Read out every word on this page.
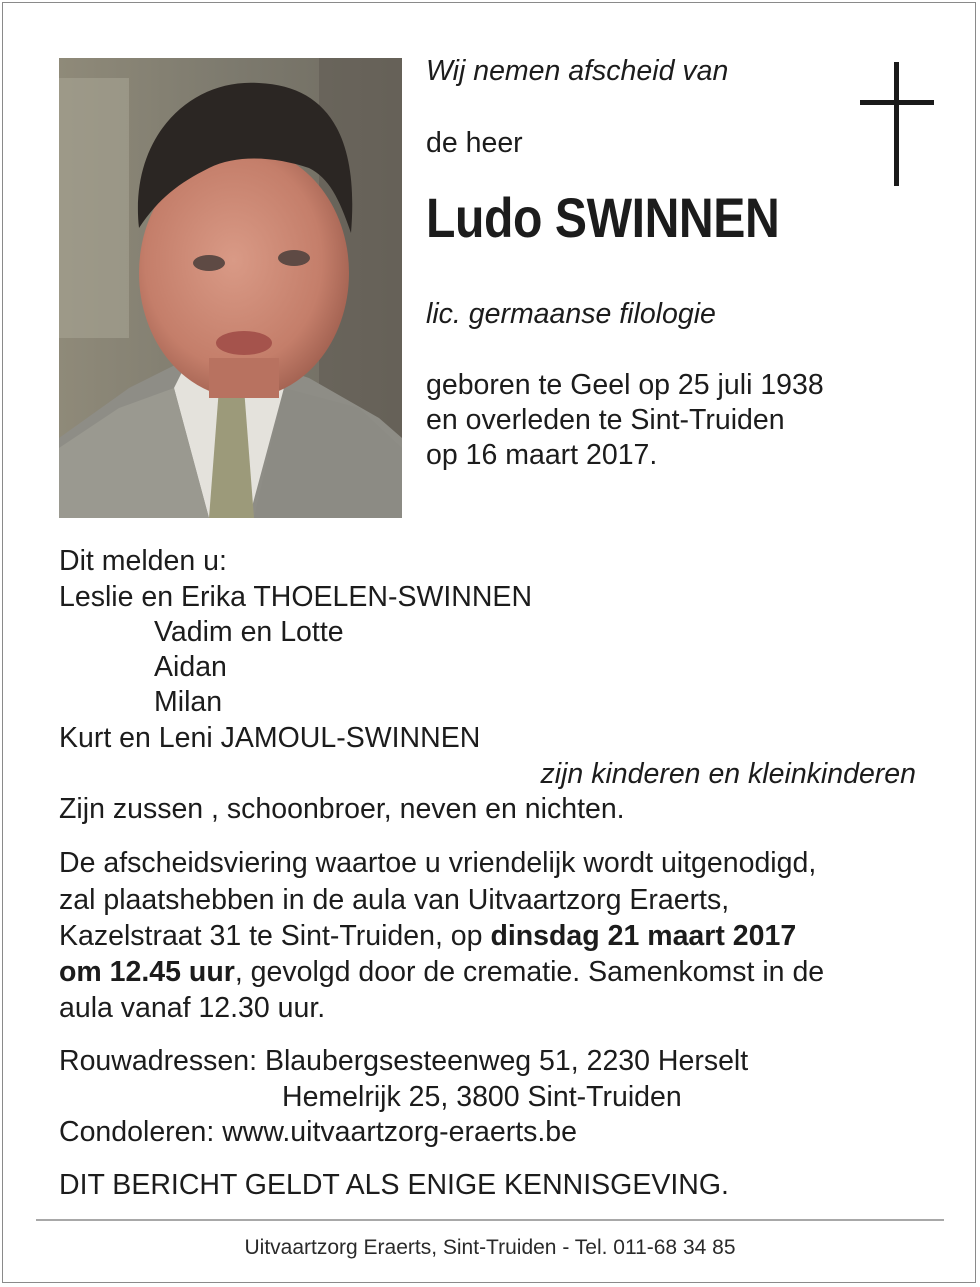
Wij nemen afscheid van

de heer

Ludo SWINNEN

lic. germaanse filologie

geboren te Geel op 25 juli 1938

en overleden te Sint-Truiden

op 16 maart 2017.

Dit melden u:

Leslie en Erika THOELEN-SWINNEN

Vadim en Lotte

Aidan

Milan

Kurt en Leni JAMOUL-SWINNEN

zijn kinderen en kleinkinderen

Zijn zussen , schoonbroer, neven en nichten.

De afscheidsviering waartoe u vriendelijk wordt uitgenodigd,

zal plaatshebben in de aula van Uitvaartzorg Eraerts,

Kazelstraat 31 te Sint-Truiden, op dinsdag 21 maart 2017

om 12.45 uur, gevolgd door de crematie. Samenkomst in de

aula vanaf 12.30 uur.

Rouwadressen: Blaubergsesteenweg 51, 2230 Herselt

Hemelrijk 25, 3800 Sint-Truiden

Condoleren: www.uitvaartzorg-eraerts.be

DIT BERICHT GELDT ALS ENIGE KENNISGEVING.

Uitvaartzorg Eraerts, Sint-Truiden - Tel. 011-68 34 85
